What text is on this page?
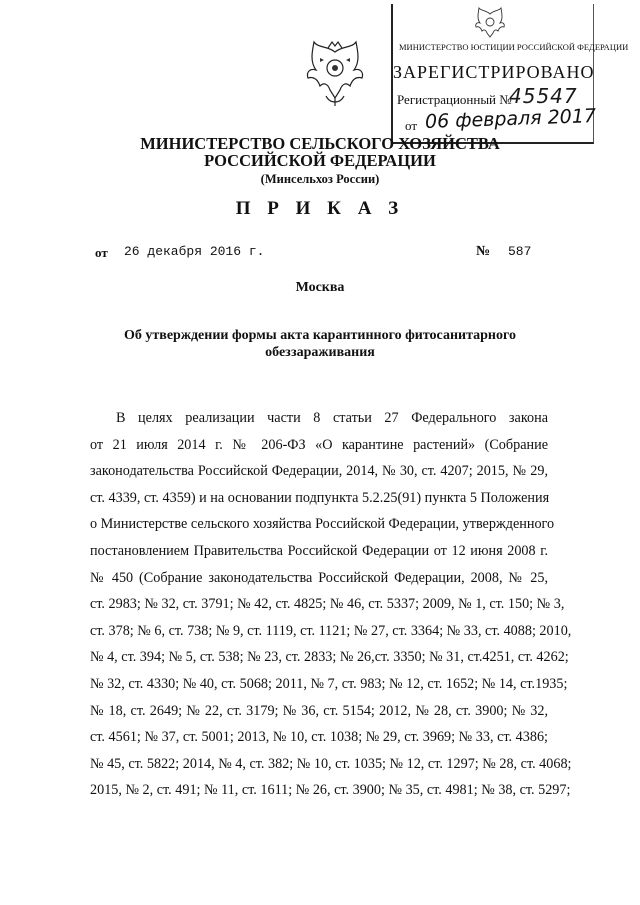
МИНИСТЕРСТВО ЮСТИЦИИ РОССИЙСКОЙ ФЕДЕРАЦИИ
ЗАРЕГИСТРИРОВАНО
Регистрационный №
45547
от 06 февраля 2017
МИНИСТЕРСТВО СЕЛЬСКОГО ХОЗЯЙСТВА
РОССИЙСКОЙ ФЕДЕРАЦИИ
(Минсельхоз России)
П Р И К А З
от 26 декабря 2016 г.	№ 587
Москва
Об утверждении формы акта карантинного фитосанитарного
обеззараживания
В целях реализации части 8 статьи 27 Федерального закона
от 21 июля 2014 г. № 206-ФЗ «О карантине растений» (Собрание
законодательства Российской Федерации, 2014, № 30, ст. 4207; 2015, № 29,
ст. 4339, ст. 4359) и на основании подпункта 5.2.25(91) пункта 5 Положения
о Министерстве сельского хозяйства Российской Федерации, утвержденного
постановлением Правительства Российской Федерации от 12 июня 2008 г.
№ 450 (Собрание законодательства Российской Федерации, 2008, № 25,
ст. 2983; № 32, ст. 3791; № 42, ст. 4825; № 46, ст. 5337; 2009, № 1, ст. 150; № 3,
ст. 378; № 6, ст. 738; № 9, ст. 1119, ст. 1121; № 27, ст. 3364; № 33, ст. 4088; 2010,
№ 4, ст. 394; № 5, ст. 538; № 23, ст. 2833; № 26,ст. 3350; № 31, ст.4251, ст. 4262;
№ 32, ст. 4330; № 40, ст. 5068; 2011, № 7, ст. 983; № 12, ст. 1652; № 14, ст.1935;
№ 18, ст. 2649; № 22, ст. 3179; № 36, ст. 5154; 2012, № 28, ст. 3900; № 32,
ст. 4561; № 37, ст. 5001; 2013, № 10, ст. 1038; № 29, ст. 3969; № 33, ст. 4386;
№ 45, ст. 5822; 2014, № 4, ст. 382; № 10, ст. 1035; № 12, ст. 1297; № 28, ст. 4068;
2015, № 2, ст. 491; № 11, ст. 1611; № 26, ст. 3900; № 35, ст. 4981; № 38, ст. 5297;
